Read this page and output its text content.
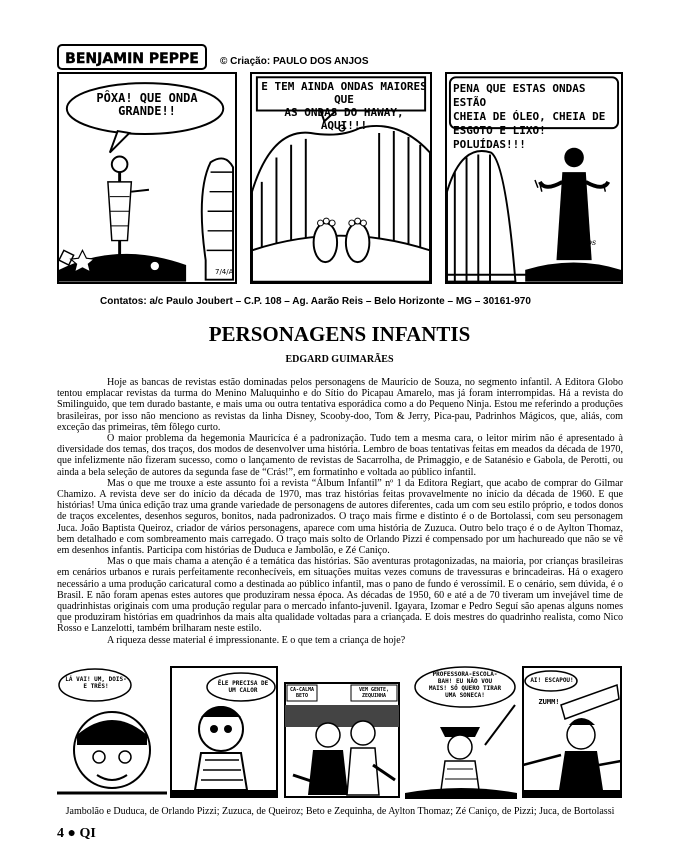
BENJAMIN PEPPE © Criação: PAULO DOS ANJOS
PÔXA! QUE ONDA
GRANDE!!
7/4/A
E TEM AINDA ONDAS MAIORES QUE
AS ONDAS DO HAWAY, AQUI!!!
PENA QUE ESTAS ONDAS ESTÃO
CHEIA DE ÓLEO, CHEIA DE
ESGOTO E LIXO! POLUÍDAS!!!
Sudiros
Contatos: a/c Paulo Joubert – C.P. 108 – Ag. Aarão Reis – Belo Horizonte – MG – 30161-970
PERSONAGENS INFANTIS
EDGARD GUIMARÃES

Hoje as bancas de revistas estão dominadas pelos personagens de Maurício de Souza, no segmento infantil. A Editora Globo tentou emplacar revistas da turma do Menino Maluquinho e do Sítio do Picapau Amarelo, mas já foram interrompidas. Há a revista do Smilinguido, que tem durado bastante, e mais uma ou outra tentativa esporádica como a do Pequeno Ninja. Estou me referindo a produções brasileiras, por isso não menciono as revistas da linha Disney, Scooby-doo, Tom & Jerry, Pica-pau, Padrinhos Mágicos, que, aliás, com exceção das primeiras, têm fôlego curto.

O maior problema da hegemonia Mauricíca é a padronização. Tudo tem a mesma cara, o leitor mirim não é apresentado à diversidade dos temas, dos traços, dos modos de desenvolver uma história. Lembro de boas tentativas feitas em meados da década de 1970, que infelizmente não fizeram sucesso, como o lançamento de revistas de Sacarrolha, de Primaggio, e de Satanésio e Gabola, de Perotti, ou ainda a bela seleção de autores da segunda fase de “Crás!”, em formatinho e voltada ao público infantil.

Mas o que me trouxe a este assunto foi a revista “Álbum Infantil” nº 1 da Editora Regiart, que acabo de comprar do Gilmar Chamizo. A revista deve ser do início da década de 1970, mas traz histórias feitas provavelmente no início da década de 1960. E que histórias! Uma única edição traz uma grande variedade de personagens de autores diferentes, cada um com seu estilo próprio, e todos donos de traços excelentes, desenhos seguros, bonitos, nada padronizados. O traço mais firme e distinto é o de Bortolassi, com seu personagem Juca. João Baptista Queiroz, criador de vários personagens, aparece com uma história de Zuzuca. Outro belo traço é o de Aylton Thomaz, bem detalhado e com sombreamento mais carregado. O traço mais solto de Orlando Pizzi é compensado por um hachureado que não se vê em desenhos infantis. Participa com histórias de Duduca e Jambolão, e Zé Caniço.

Mas o que mais chama a atenção é a temática das histórias. São aventuras protagonizadas, na maioria, por crianças brasileiras em cenários urbanos e rurais perfeitamente reconhecíveis, em situações muitas vezes comuns de travessuras e brincadeiras. Há o exagero necessário a uma produção caricatural como a destinada ao público infantil, mas o pano de fundo é verossímil. E o cenário, sem dúvida, é o Brasil. E não foram apenas estes autores que produziram nessa época. As décadas de 1950, 60 e até a de 70 tiveram um invejável time de quadrinhistas originais com uma produção regular para o mercado infanto-juvenil. Igayara, Izomar e Pedro Seguí são apenas alguns nomes que produziram histórias em quadrinhos da mais alta qualidade voltadas para a criançada. E dois mestres do quadrinho realista, como Nico Rosso e Lanzelotti, também brilharam neste estilo.

A riqueza desse material é impressionante. E o que tem a criança de hoje?

LÁ VAI! UM, DOIS-
E TRÊS!	ÊLE PRECISA DE
UM CALOR	CA-CALMA
BETO
VEM GENTE,
ZEQUINHA
PROFESSORA-ESCOLA-
BAH! EU NÃO VOU
MAIS! SÓ QUERO TIRAR
UMA SONECA!
AI! ESCAPOU!
ZUMM!
Jambolão e Duduca, de Orlando Pizzi; Zuzuca, de Queiroz; Beto e Zequinha, de Aylton Thomaz; Zé Caniço, de Pizzi; Juca, de Bortolassi
4 ● QI
